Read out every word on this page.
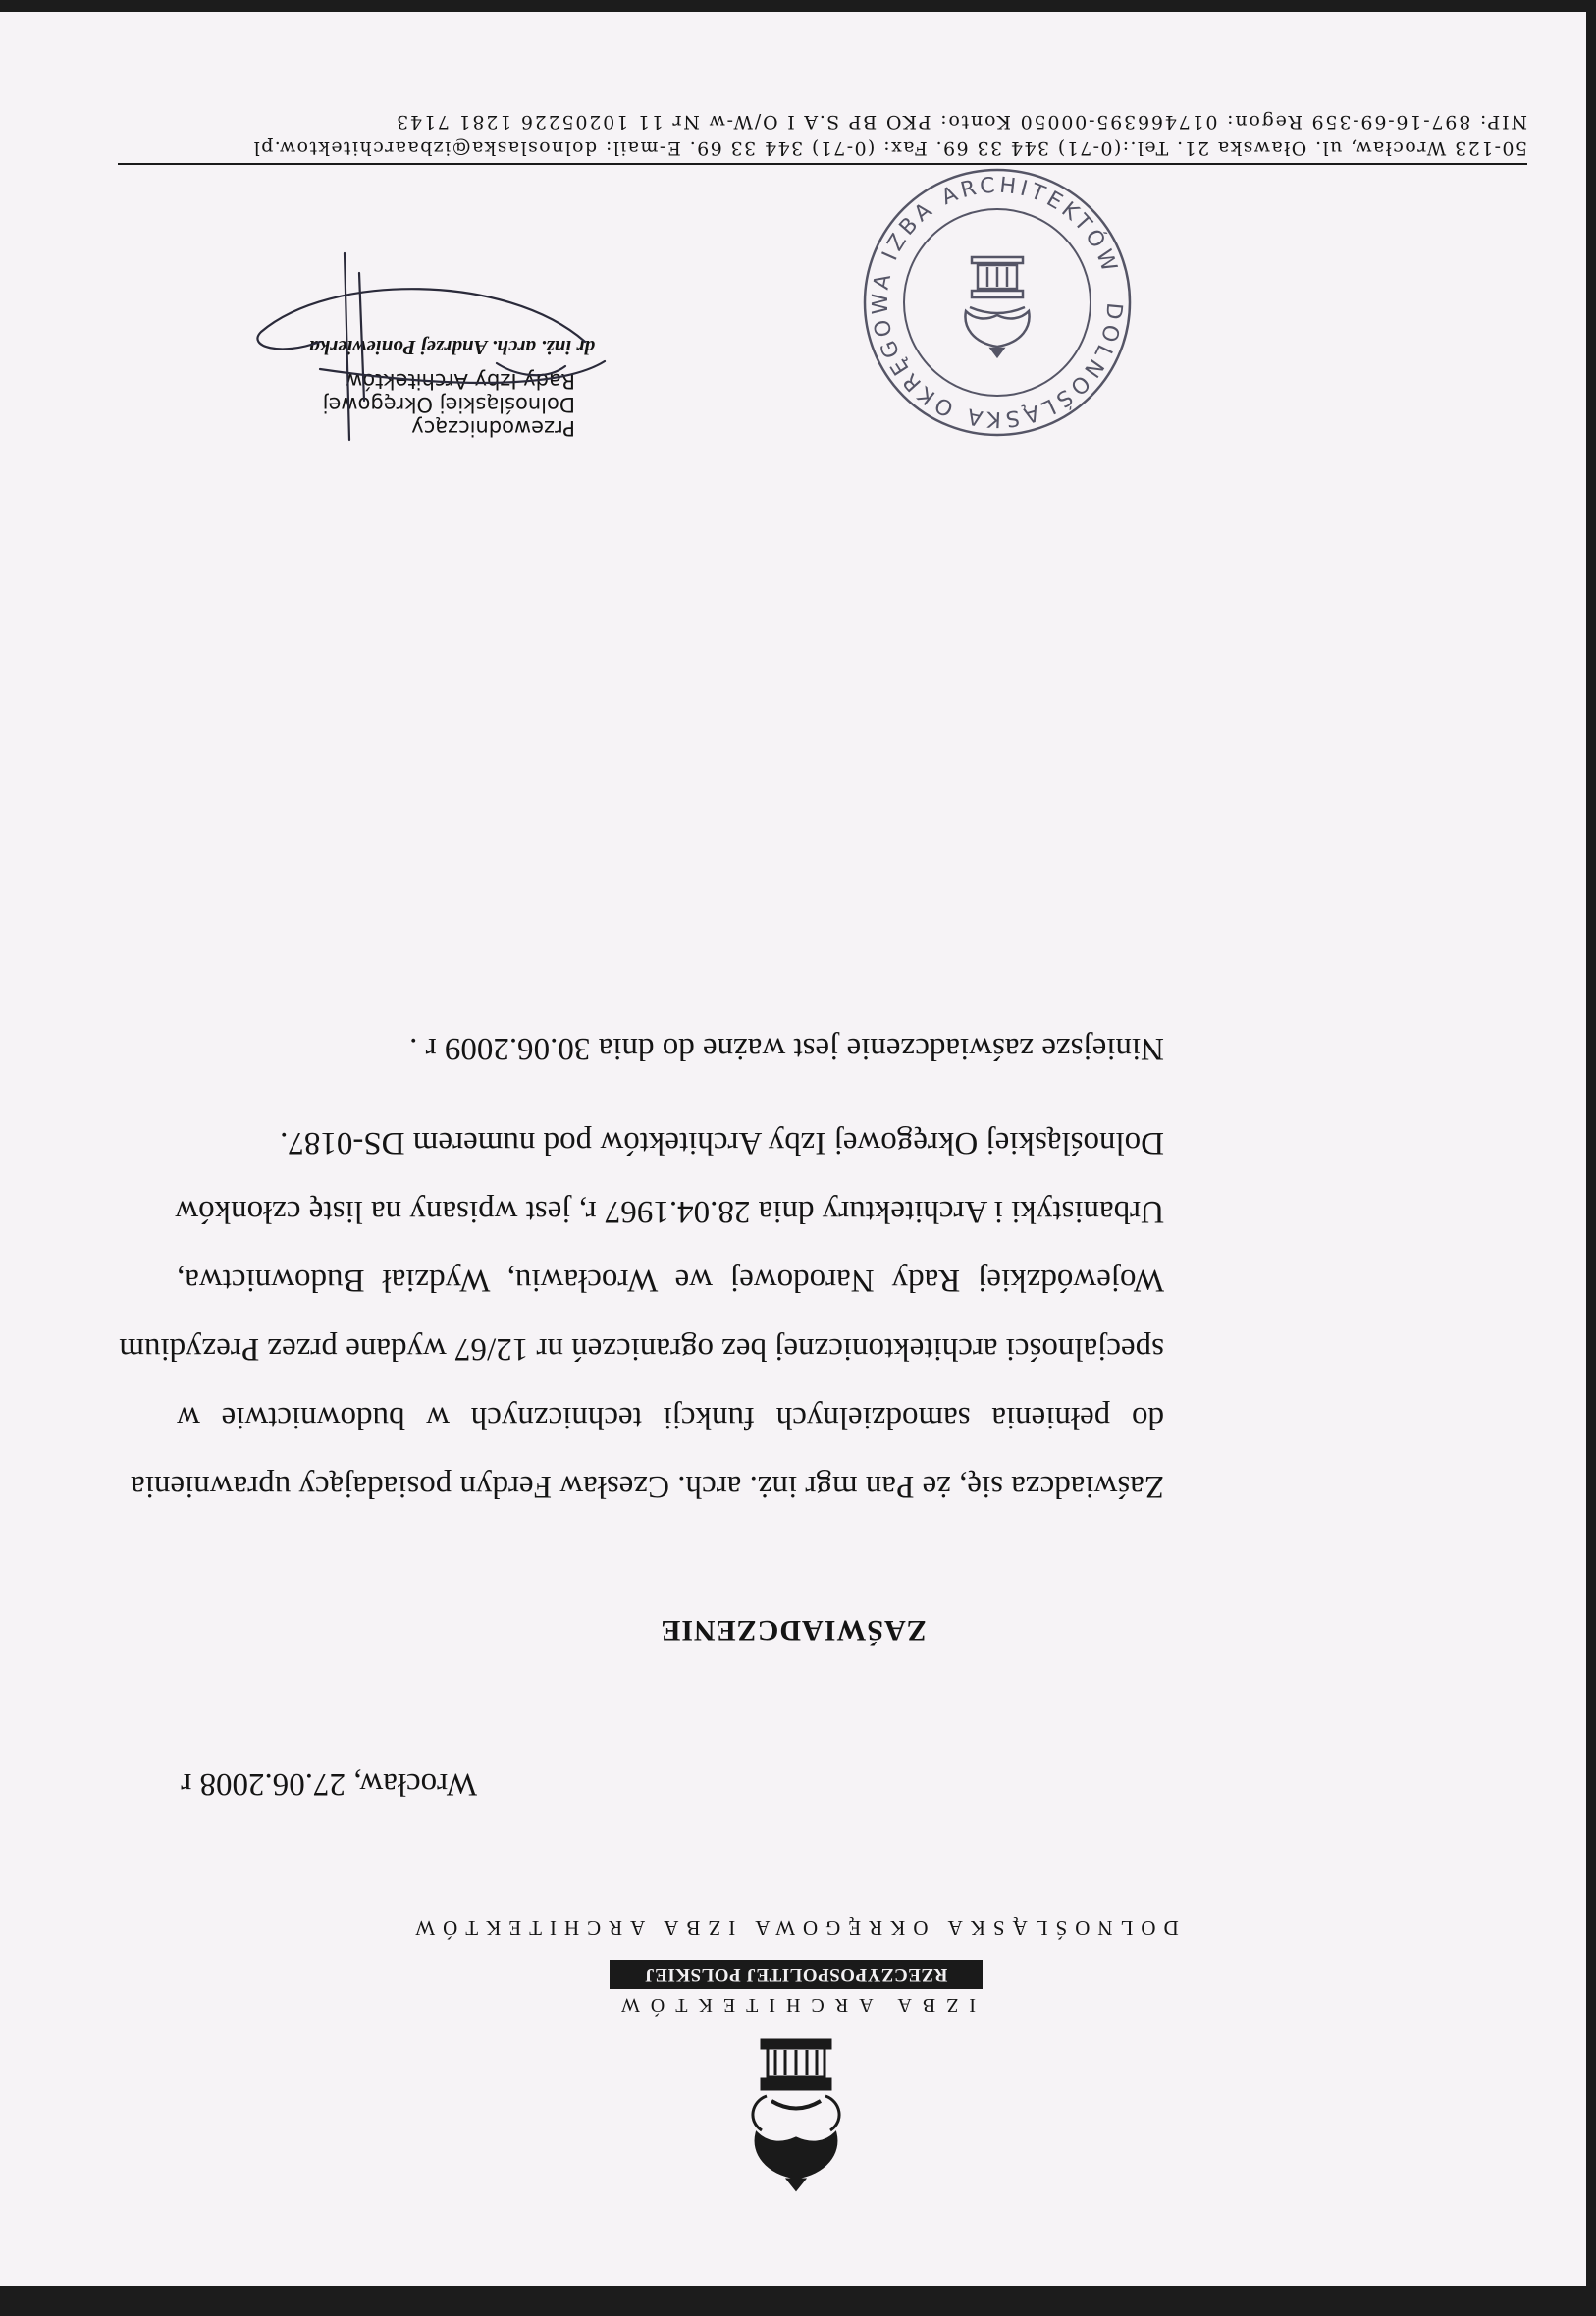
IZBA ARCHITEKTÓW
RZECZYPOSPOLITEJ POLSKIEJ
DOLNOŚLĄSKA OKRĘGOWA IZBA ARCHITEKTÓW
Wrocław, 27.06.2008 r
ZAŚWIADCZENIE
Zaświadcza się, że Pan mgr inż. arch. Czesław Ferdyn posiadający uprawnienia
do pełnienia samodzielnych funkcji technicznych w budownictwie w
specjalności architektonicznej bez ograniczeń nr 12/67 wydane przez Prezydium
Wojewódzkiej Rady Narodowej we Wrocławiu, Wydział Budownictwa,
Urbanistyki i Architektury dnia 28.04.1967 r, jest wpisany na listę członków
Dolnośląskiej Okręgowej Izby Architektów pod numerem DS-0187.
Niniejsze zaświadczenie jest ważne do dnia 30.06.2009 r .
DOLNOŚLĄSKA OKRĘGOWA IZBA ARCHITEKTÓW
Przewodniczący
Dolnośląskiej Okręgowej
Rady Izby Architektów
dr inż. arch. Andrzej Poniewierka
50-123 Wrocław, ul. Oławska 21. Tel.:(0-71) 344 33 69. Fax: (0-71) 344 33 69. E-mail: dolnoslaska@izbaarchitektow.pl
NIP: 897-16-69-359 Regon: 017466395-00050 Konto: PKO BP S.A I O/W-w Nr 11 10205226 1281 7143
